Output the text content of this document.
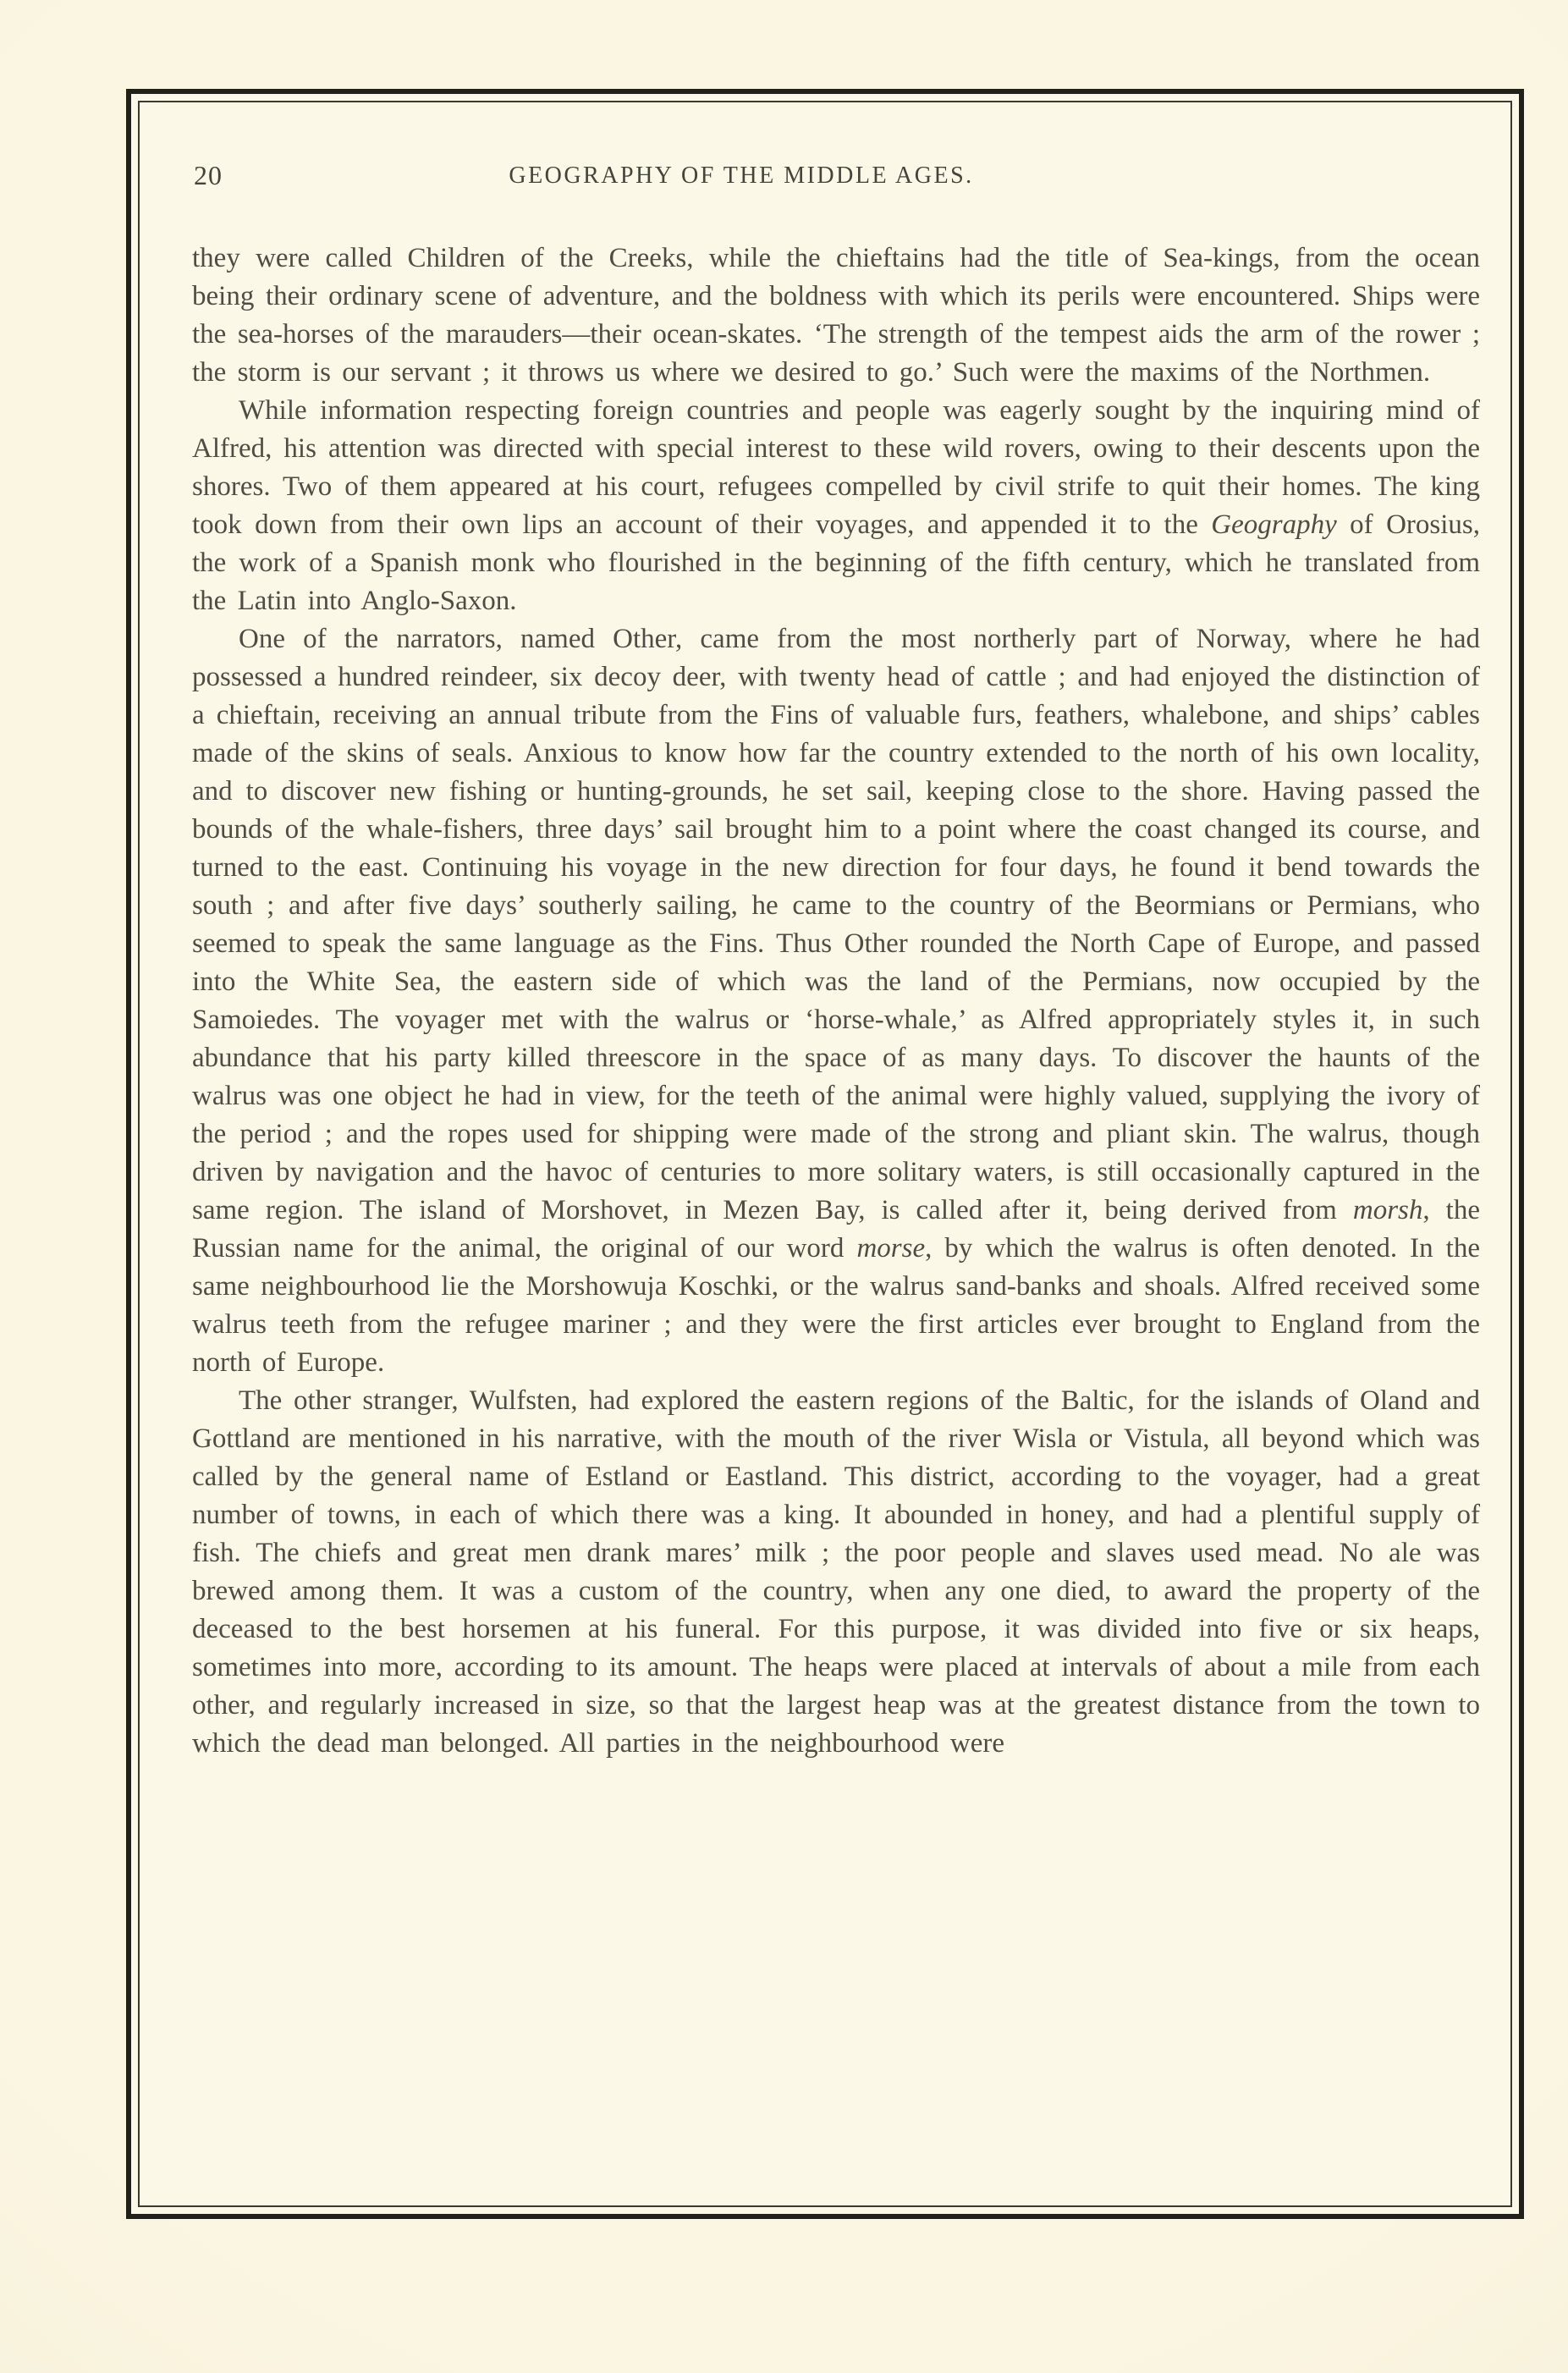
20	GEOGRAPHY OF THE MIDDLE AGES.

they were called Children of the Creeks, while the chieftains had the title of Sea-kings, from the ocean being their ordinary scene of adventure, and the boldness with which its perils were encountered. Ships were the sea-horses of the marauders—their ocean-skates. ‘The strength of the tempest aids the arm of the rower ; the storm is our servant ; it throws us where we desired to go.’ Such were the maxims of the Northmen.

While information respecting foreign countries and people was eagerly sought by the inquiring mind of Alfred, his attention was directed with special interest to these wild rovers, owing to their descents upon the shores. Two of them appeared at his court, refugees compelled by civil strife to quit their homes. The king took down from their own lips an account of their voyages, and appended it to the Geography of Orosius, the work of a Spanish monk who flourished in the beginning of the fifth century, which he translated from the Latin into Anglo-Saxon.

One of the narrators, named Other, came from the most northerly part of Norway, where he had possessed a hundred reindeer, six decoy deer, with twenty head of cattle ; and had enjoyed the distinction of a chieftain, receiving an annual tribute from the Fins of valuable furs, feathers, whalebone, and ships’ cables made of the skins of seals. Anxious to know how far the country extended to the north of his own locality, and to discover new fishing or hunting-grounds, he set sail, keeping close to the shore. Having passed the bounds of the whale-fishers, three days’ sail brought him to a point where the coast changed its course, and turned to the east. Continuing his voyage in the new direction for four days, he found it bend towards the south ; and after five days’ southerly sailing, he came to the country of the Beormians or Permians, who seemed to speak the same language as the Fins. Thus Other rounded the North Cape of Europe, and passed into the White Sea, the eastern side of which was the land of the Permians, now occupied by the Samoiedes. The voyager met with the walrus or ‘horse-whale,’ as Alfred appropriately styles it, in such abundance that his party killed threescore in the space of as many days. To discover the haunts of the walrus was one object he had in view, for the teeth of the animal were highly valued, supplying the ivory of the period ; and the ropes used for shipping were made of the strong and pliant skin. The walrus, though driven by navigation and the havoc of centuries to more solitary waters, is still occasionally captured in the same region. The island of Morshovet, in Mezen Bay, is called after it, being derived from morsh, the Russian name for the animal, the original of our word morse, by which the walrus is often denoted. In the same neighbourhood lie the Morshowuja Koschki, or the walrus sand-banks and shoals. Alfred received some walrus teeth from the refugee mariner ; and they were the first articles ever brought to England from the north of Europe.

The other stranger, Wulfsten, had explored the eastern regions of the Baltic, for the islands of Oland and Gottland are mentioned in his narrative, with the mouth of the river Wisla or Vistula, all beyond which was called by the general name of Estland or Eastland. This district, according to the voyager, had a great number of towns, in each of which there was a king. It abounded in honey, and had a plentiful supply of fish. The chiefs and great men drank mares’ milk ; the poor people and slaves used mead. No ale was brewed among them. It was a custom of the country, when any one died, to award the property of the deceased to the best horsemen at his funeral. For this purpose, it was divided into five or six heaps, sometimes into more, according to its amount. The heaps were placed at intervals of about a mile from each other, and regularly increased in size, so that the largest heap was at the greatest distance from the town to which the dead man belonged. All parties in the neighbourhood were
